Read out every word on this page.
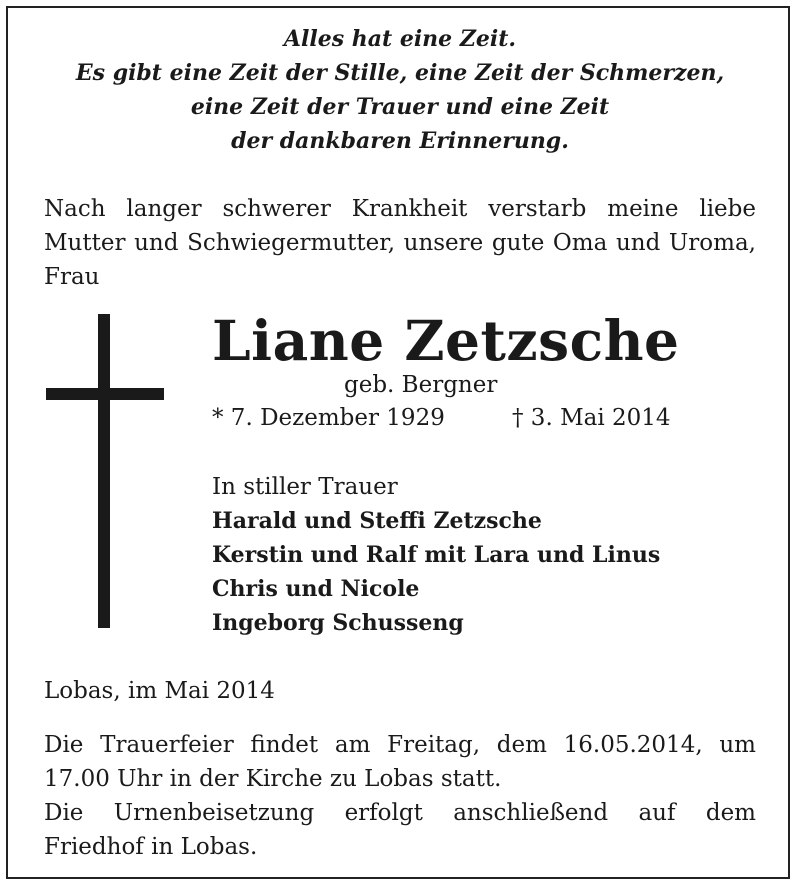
Alles hat eine Zeit.
Es gibt eine Zeit der Stille, eine Zeit der Schmerzen,
eine Zeit der Trauer und eine Zeit
der dankbaren Erinnerung.
Nach langer schwerer Krankheit verstarb meine liebe Mutter und Schwiegermutter, unsere gute Oma und Uroma, Frau
Liane Zetzsche
geb. Bergner
* 7. Dezember 1929	† 3. Mai 2014
In stiller Trauer
Harald und Steffi Zetzsche
Kerstin und Ralf mit Lara und Linus
Chris und Nicole
Ingeborg Schusseng
Lobas, im Mai 2014
Die Trauerfeier findet am Freitag, dem 16.05.2014, um
17.00 Uhr in der Kirche zu Lobas statt.
Die Urnenbeisetzung erfolgt anschließend auf dem
Friedhof in Lobas.
